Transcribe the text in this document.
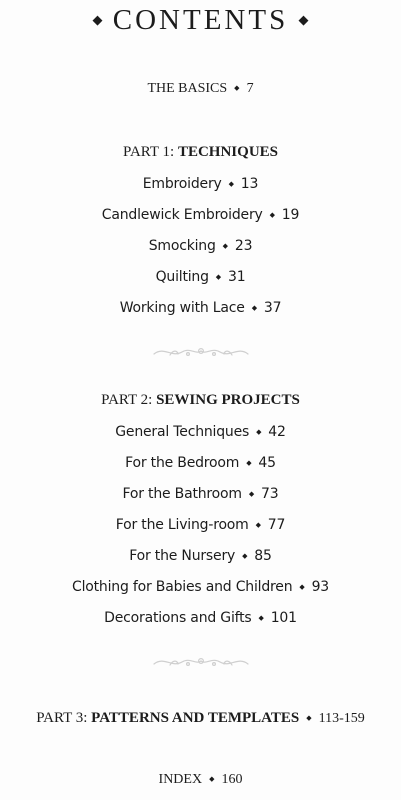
◆ CONTENTS ◆
THE BASICS ◆ 7
PART 1: TECHNIQUES
Embroidery ◆ 13
Candlewick Embroidery ◆ 19
Smocking ◆ 23
Quilting ◆ 31
Working with Lace ◆ 37
PART 2: SEWING PROJECTS
General Techniques ◆ 42
For the Bedroom ◆ 45
For the Bathroom ◆ 73
For the Living-room ◆ 77
For the Nursery ◆ 85
Clothing for Babies and Children ◆ 93
Decorations and Gifts ◆ 101
PART 3: PATTERNS AND TEMPLATES ◆ 113-159
INDEX ◆ 160
